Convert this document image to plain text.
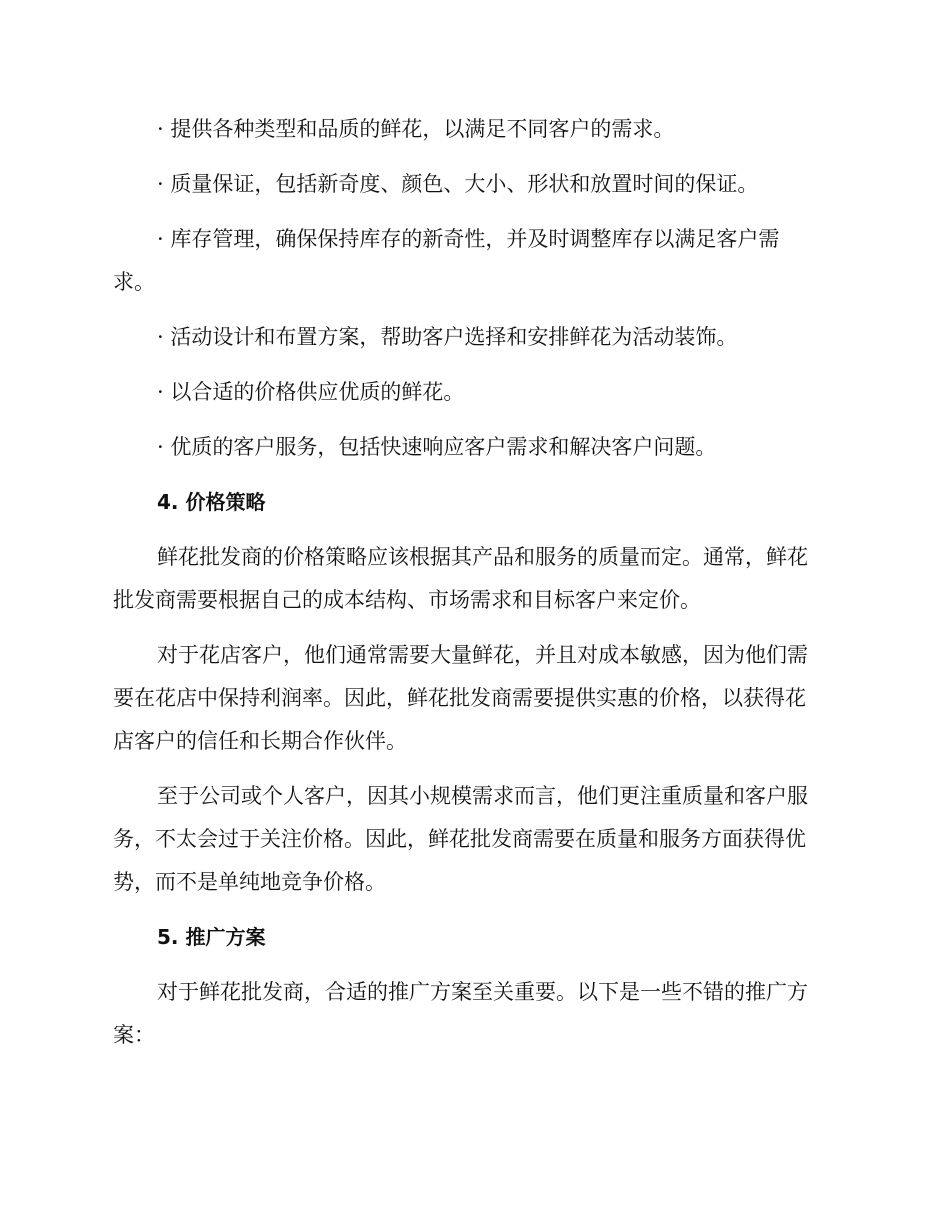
· 提供各种类型和品质的鲜花，以满足不同客户的需求。

· 质量保证，包括新奇度、颜色、大小、形状和放置时间的保证。

· 库存管理，确保保持库存的新奇性，并及时调整库存以满足客户需

求。

· 活动设计和布置方案，帮助客户选择和安排鲜花为活动装饰。

· 以合适的价格供应优质的鲜花。

· 优质的客户服务，包括快速响应客户需求和解决客户问题。

4. 价格策略

鲜花批发商的价格策略应该根据其产品和服务的质量而定。通常，鲜花

批发商需要根据自己的成本结构、市场需求和目标客户来定价。

对于花店客户，他们通常需要大量鲜花，并且对成本敏感，因为他们需

要在花店中保持利润率。因此，鲜花批发商需要提供实惠的价格，以获得花

店客户的信任和长期合作伙伴。

至于公司或个人客户，因其小规模需求而言，他们更注重质量和客户服

务，不太会过于关注价格。因此，鲜花批发商需要在质量和服务方面获得优

势，而不是单纯地竞争价格。

5. 推广方案

对于鲜花批发商，合适的推广方案至关重要。以下是一些不错的推广方

案：
